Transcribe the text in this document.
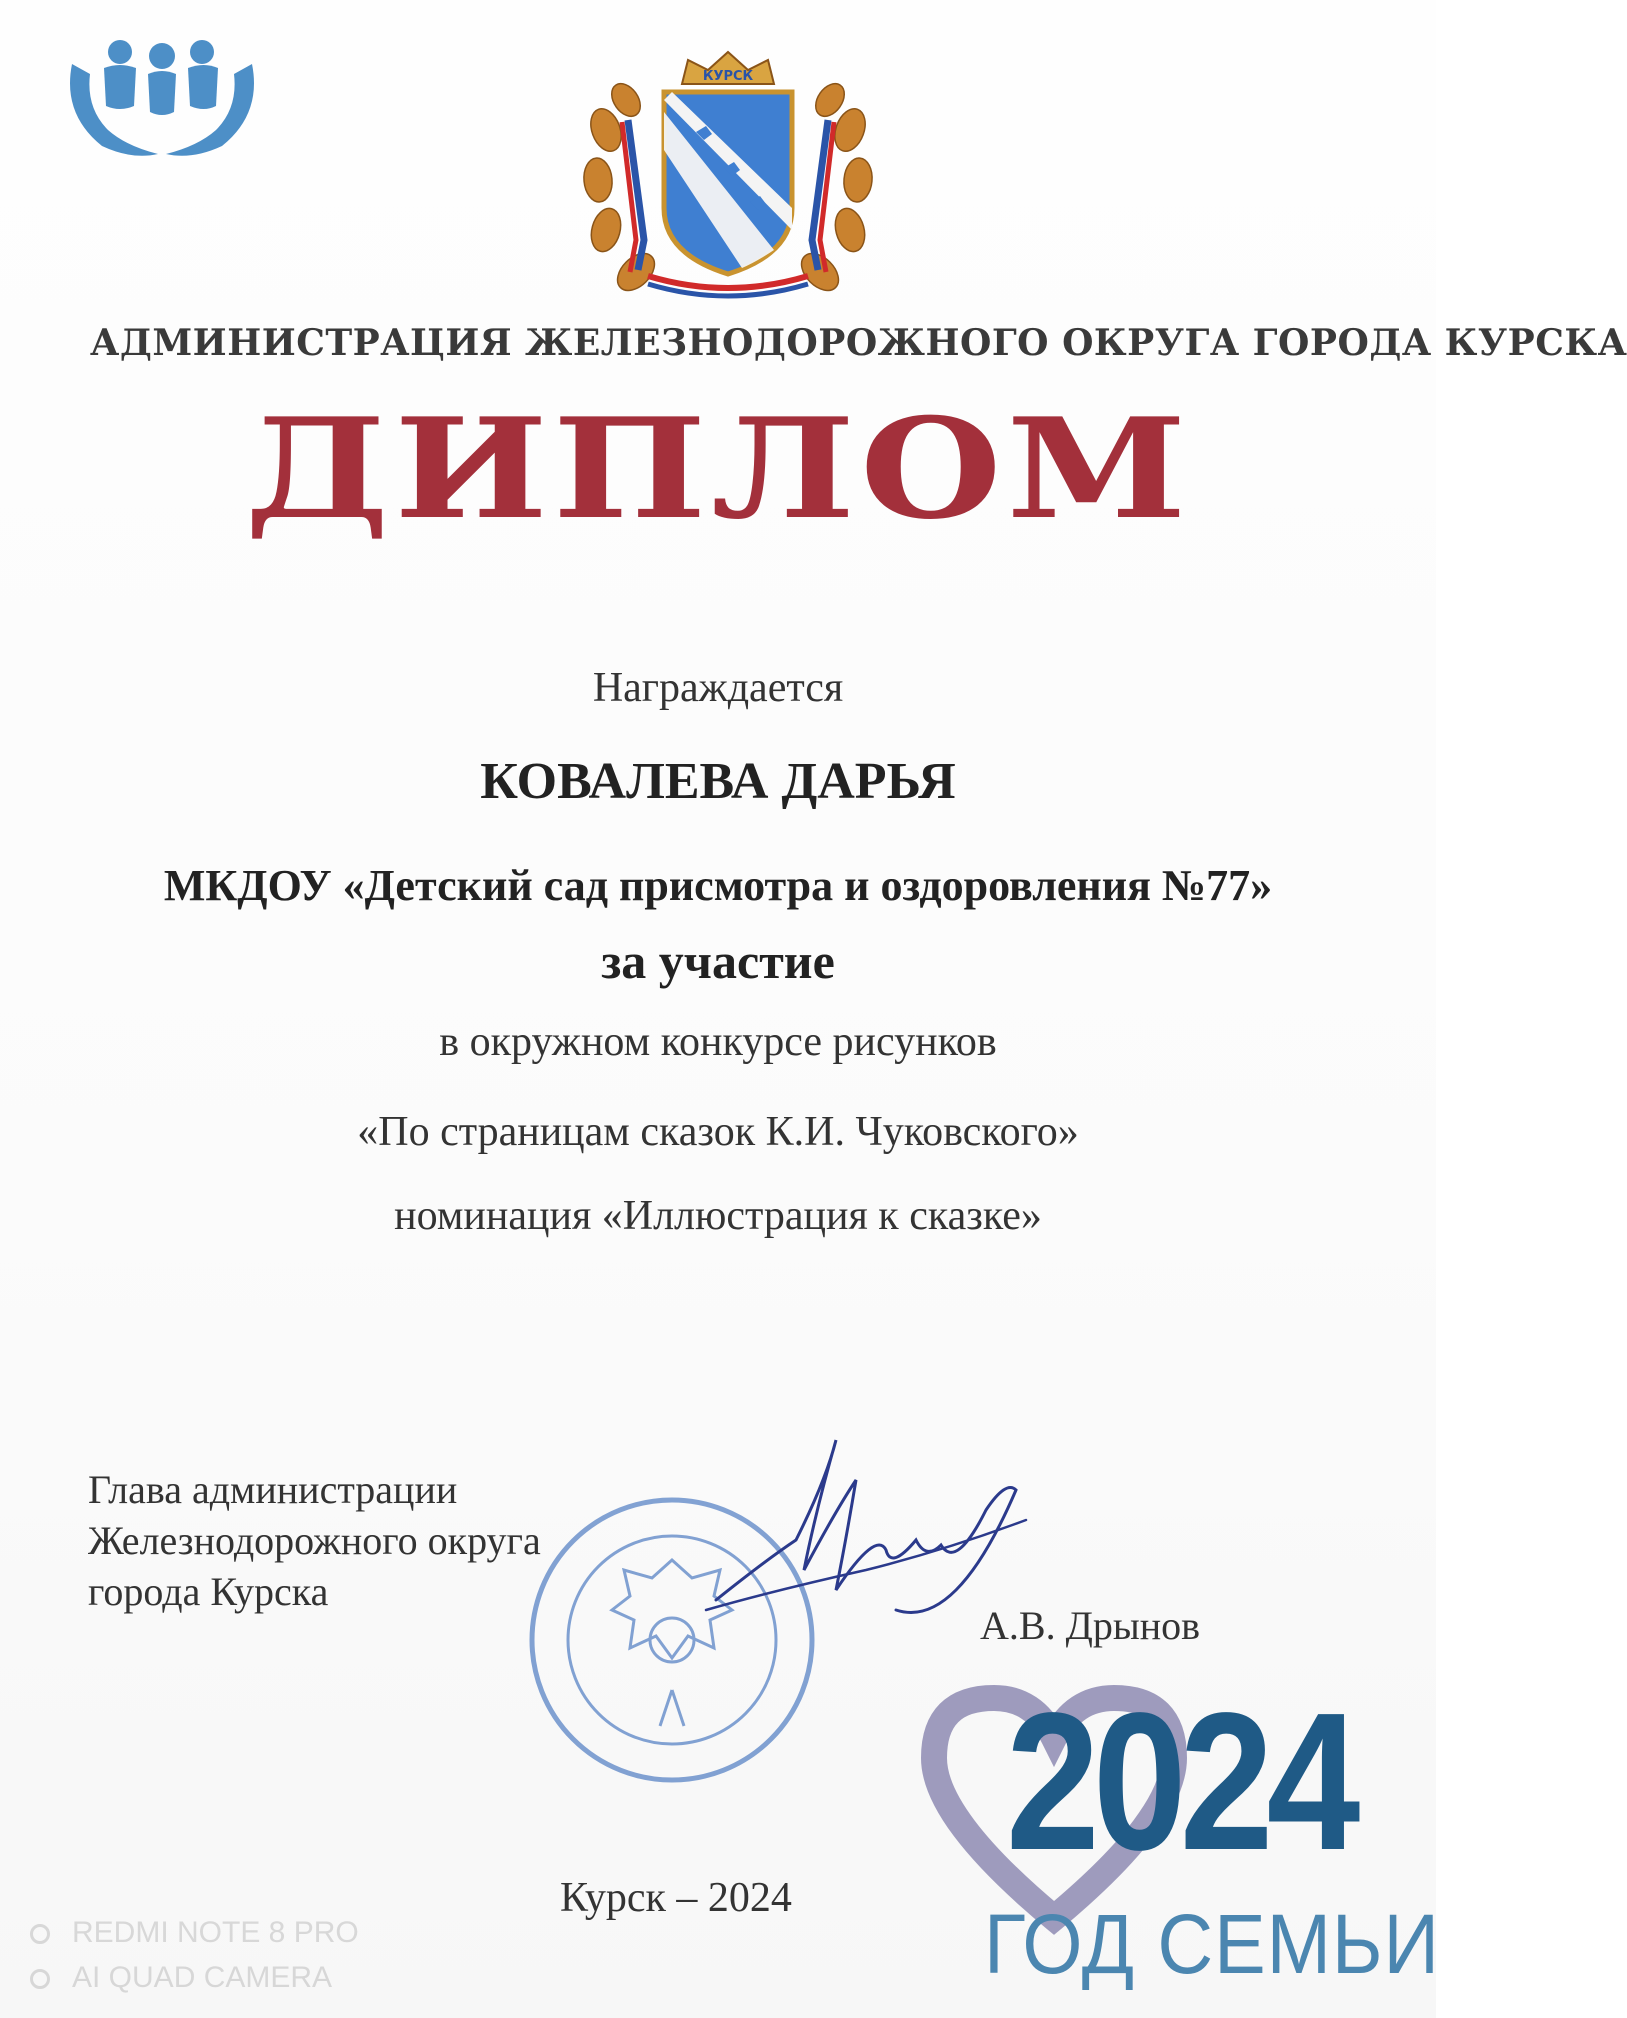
КУРСК
АДМИНИСТРАЦИЯ ЖЕЛЕЗНОДОРОЖНОГО ОКРУГА ГОРОДА КУРСКА
ДИПЛОМ
Награждается
КОВАЛЕВА ДАРЬЯ
МКДОУ «Детский сад присмотра и оздоровления №77»
за участие
в окружном конкурсе рисунков
«По страницам сказок К.И. Чуковского»
номинация «Иллюстрация к сказке»
Глава администрации
Железнодорожного округа
города Курска
А.В. Дрынов
Курск – 2024
2024
ГОД СЕМЬИ
REDMI NOTE 8 PRO
AI QUAD CAMERA
